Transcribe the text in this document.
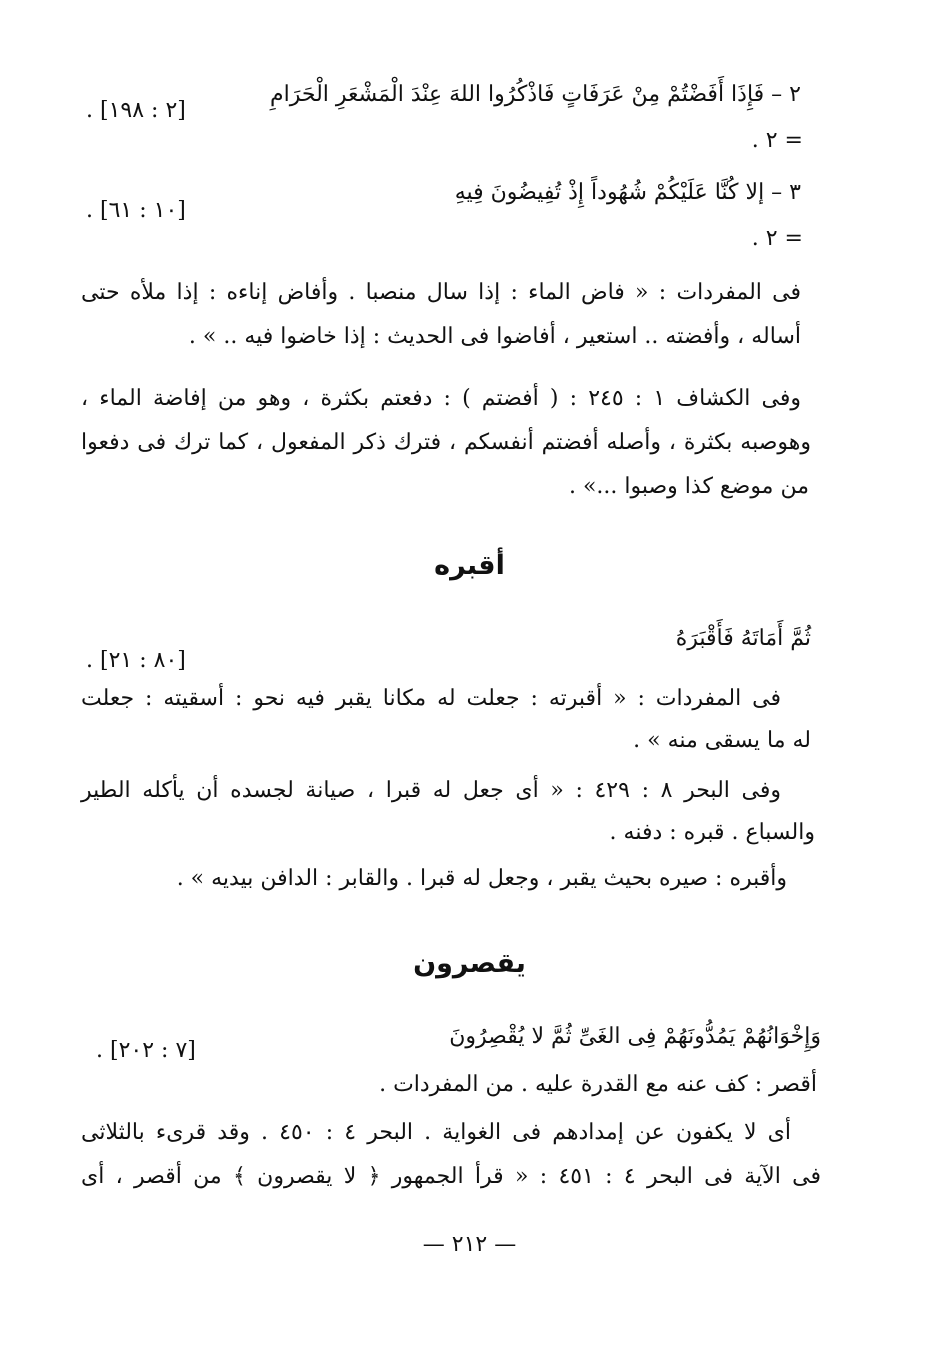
٢ – فَإِذَا أَفَضْتُمْ مِنْ عَرَفَاتٍ فَاذْكُرُوا اللهَ عِنْدَ الْمَشْعَرِ الْحَرَامِ
[٢ : ١٩٨] .
= ٢ .
٣ – إلا كُنَّا عَلَيْكُمْ شُهُوداً إِذْ تُفِيضُونَ فِيهِ
[١٠ : ٦١] .
= ٢ .
فى المفردات : « فاض الماء : إذا سال منصبا . وأفاض إناءه : إذا ملأه حتى
أساله ، وأفضته .. استعير ، أفاضوا فى الحديث : إذا خاضوا فيه .. » .
وفى الكشاف ١ : ٢٤٥ : ( أفضتم ) : دفعتم بكثرة ، وهو من إفاضة الماء ،
وهوصبه بكثرة ، وأصله أفضتم أنفسكم ، فترك ذكر المفعول ، كما ترك فى دفعوا
من موضع كذا وصبوا ...» .
أقبره
ثُمَّ أَمَاتَهُ فَأَقْبَرَهُ
[٨٠ : ٢١] .
فى المفردات : « أقبرته : جعلت له مكانا يقبر فيه نحو : أسقيته : جعلت
له ما يسقى منه » .
وفى البحر ٨ : ٤٢٩ : « أى جعل له قبرا ، صيانة لجسده أن يأكله الطير
والسباع . قبره : دفنه .
وأقبره : صيره بحيث يقبر ، وجعل له قبرا . والقابر : الدافن بيديه » .
يقصرون
وَإِخْوَانُهُمْ يَمُدُّونَهُمْ فِى الغَىِّ ثُمَّ لا يُقْصِرُونَ
[٧ : ٢٠٢] .
أقصر : كف عنه مع القدرة عليه . من المفردات .
أى لا يكفون عن إمدادهم فى الغواية . البحر ٤ : ٤٥٠ . وقد قرىء بالثلاثى
فى الآية فى البحر ٤ : ٤٥١ : « قرأ الجمهور ﴿ لا يقصرون ﴾ من أقصر ، أى
— ٢١٢ —
